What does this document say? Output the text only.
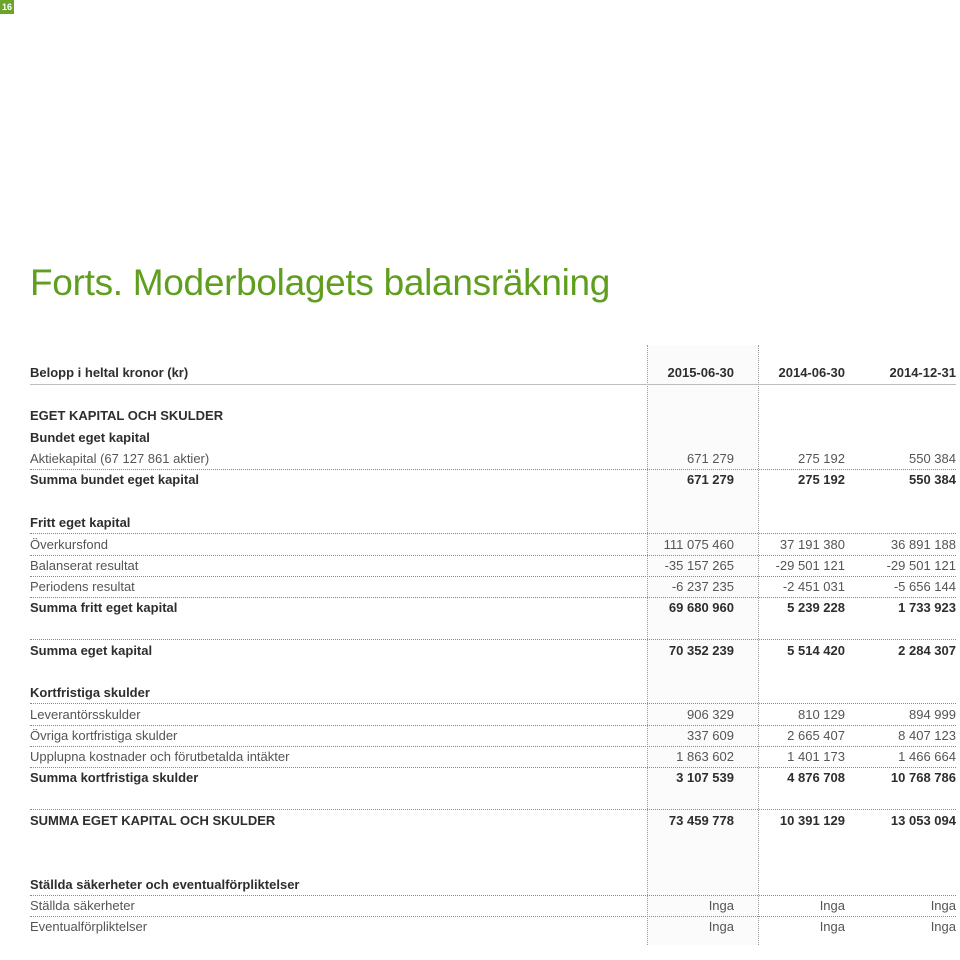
16
Forts. Moderbolagets balansräkning
Belopp i heltal kronor (kr)	2015-06-30	2014-06-30	2014-12-31
EGET KAPITAL OCH SKULDER
Bundet eget kapital
Aktiekapital (67 127 861 aktier)	671 279	275 192	550 384
Summa bundet eget kapital	671 279	275 192	550 384
Fritt eget kapital
Överkursfond	111 075 460	37 191 380	36 891 188
Balanserat resultat	-35 157 265	-29 501 121	-29 501 121
Periodens resultat	-6 237 235	-2 451 031	-5 656 144
Summa fritt eget kapital	69 680 960	5 239 228	1 733 923
Summa eget kapital	70 352 239	5 514 420	2 284 307
Kortfristiga skulder
Leverantörsskulder	906 329	810 129	894 999
Övriga kortfristiga skulder	337 609	2 665 407	8 407 123
Upplupna kostnader och förutbetalda intäkter	1 863 602	1 401 173	1 466 664
Summa kortfristiga skulder	3 107 539	4 876 708	10 768 786
SUMMA EGET KAPITAL OCH SKULDER	73 459 778	10 391 129	13 053 094
Ställda säkerheter och eventualförpliktelser
Ställda säkerheter	Inga	Inga	Inga
Eventualförpliktelser	Inga	Inga	Inga
